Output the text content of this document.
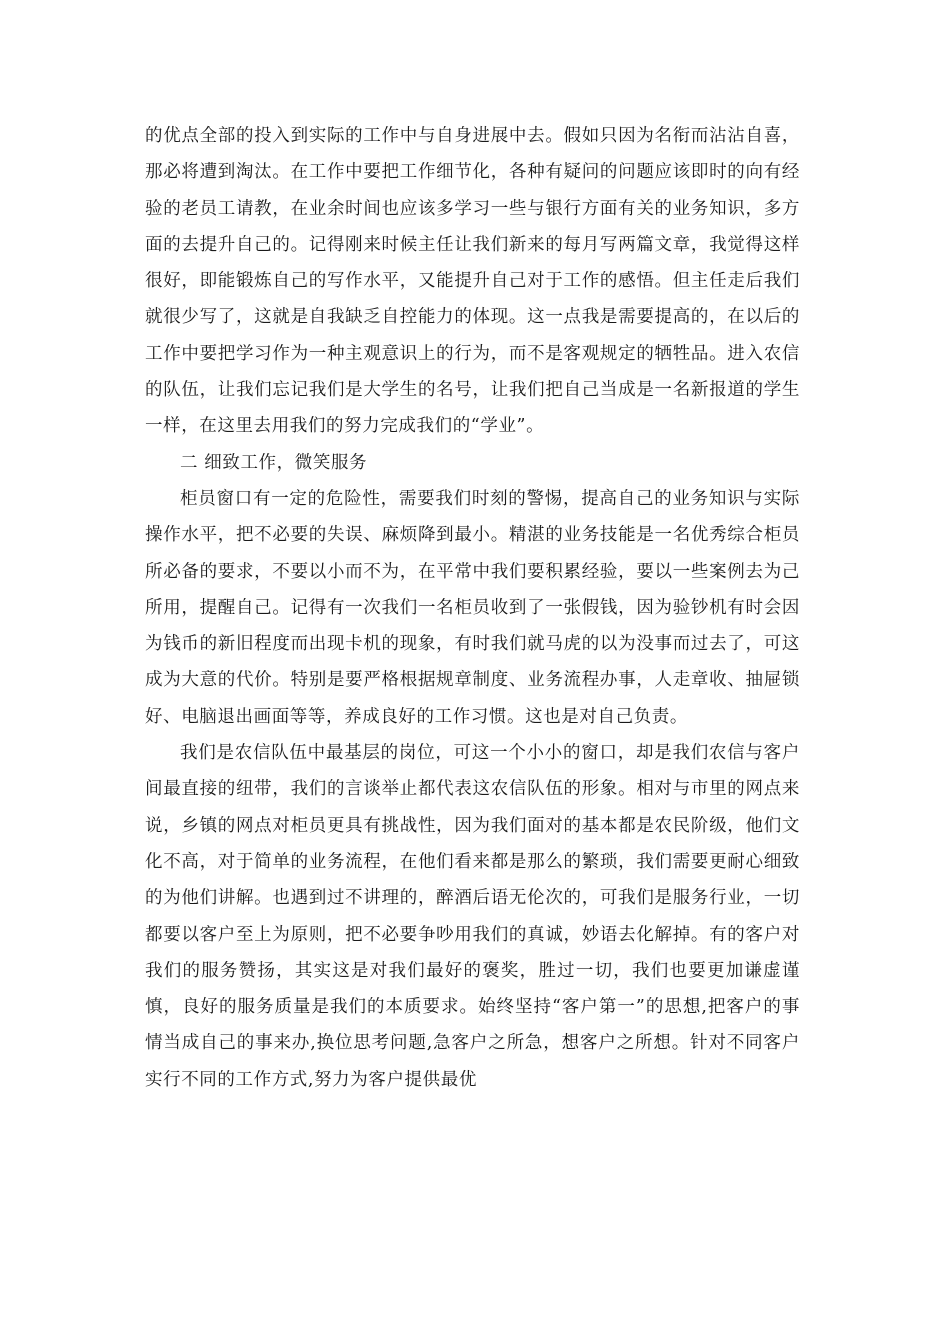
的优点全部的投入到实际的工作中与自身进展中去。假如只因为名衔而沾沾自喜，那必将遭到淘汰。在工作中要把工作细节化，各种有疑问的问题应该即时的向有经验的老员工请教，在业余时间也应该多学习一些与银行方面有关的业务知识，多方面的去提升自己的。记得刚来时候主任让我们新来的每月写两篇文章，我觉得这样很好，即能锻炼自己的写作水平，又能提升自己对于工作的感悟。但主任走后我们就很少写了，这就是自我缺乏自控能力的体现。这一点我是需要提高的，在以后的工作中要把学习作为一种主观意识上的行为，而不是客观规定的牺牲品。进入农信的队伍，让我们忘记我们是大学生的名号，让我们把自己当成是一名新报道的学生一样，在这里去用我们的努力完成我们的“学业”。

二 细致工作，微笑服务

柜员窗口有一定的危险性，需要我们时刻的警惕，提高自己的业务知识与实际操作水平，把不必要的失误、麻烦降到最小。精湛的业务技能是一名优秀综合柜员所必备的要求，不要以小而不为，在平常中我们要积累经验，要以一些案例去为己所用，提醒自己。记得有一次我们一名柜员收到了一张假钱，因为验钞机有时会因为钱币的新旧程度而出现卡机的现象，有时我们就马虎的以为没事而过去了，可这成为大意的代价。特别是要严格根据规章制度、业务流程办事，人走章收、抽屉锁好、电脑退出画面等等，养成良好的工作习惯。这也是对自己负责。

我们是农信队伍中最基层的岗位，可这一个小小的窗口，却是我们农信与客户间最直接的纽带，我们的言谈举止都代表这农信队伍的形象。相对与市里的网点来说，乡镇的网点对柜员更具有挑战性，因为我们面对的基本都是农民阶级，他们文化不高，对于简单的业务流程，在他们看来都是那么的繁琐，我们需要更耐心细致的为他们讲解。也遇到过不讲理的，醉酒后语无伦次的，可我们是服务行业，一切都要以客户至上为原则，把不必要争吵用我们的真诚，妙语去化解掉。有的客户对我们的服务赞扬，其实这是对我们最好的褒奖，胜过一切，我们也要更加谦虚谨慎，良好的服务质量是我们的本质要求。始终坚持“客户第一”的思想,把客户的事情当成自己的事来办,换位思考问题,急客户之所急，想客户之所想。针对不同客户实行不同的工作方式,努力为客户提供最优
